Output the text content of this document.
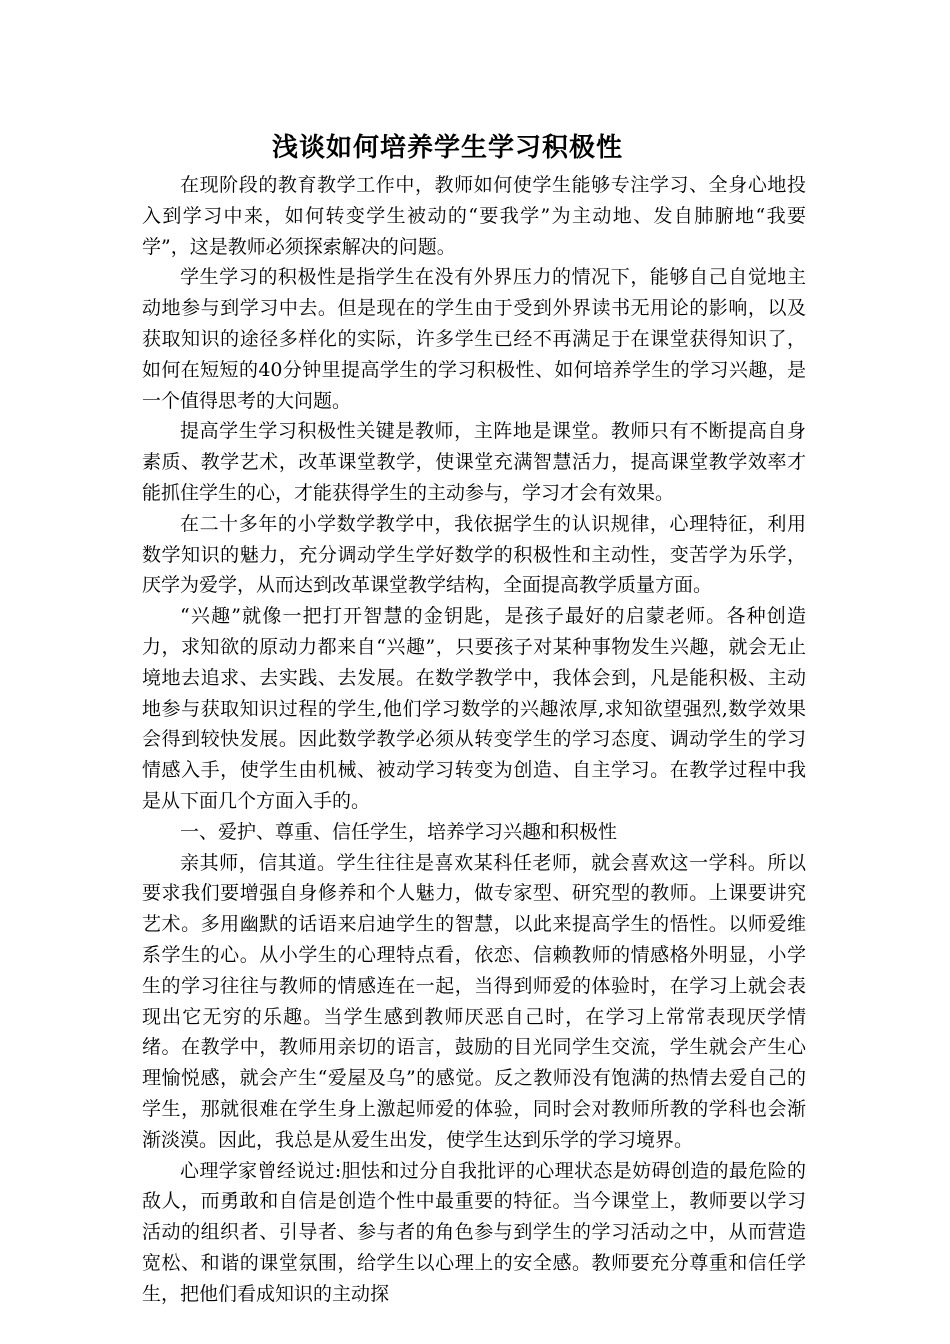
浅谈如何培养学生学习积极性

在现阶段的教育教学工作中，教师如何使学生能够专注学习、全身心地投入到学习中来，如何转变学生被动的“要我学”为主动地、发自肺腑地“我要学”，这是教师必须探索解决的问题。

学生学习的积极性是指学生在没有外界压力的情况下，能够自己自觉地主动地参与到学习中去。但是现在的学生由于受到外界读书无用论的影响，以及获取知识的途径多样化的实际，许多学生已经不再满足于在课堂获得知识了，如何在短短的40分钟里提高学生的学习积极性、如何培养学生的学习兴趣，是一个值得思考的大问题。

提高学生学习积极性关键是教师，主阵地是课堂。教师只有不断提高自身素质、教学艺术，改革课堂教学，使课堂充满智慧活力，提高课堂教学效率才能抓住学生的心，才能获得学生的主动参与，学习才会有效果。

在二十多年的小学数学教学中，我依据学生的认识规律，心理特征，利用数学知识的魅力，充分调动学生学好数学的积极性和主动性，变苦学为乐学，厌学为爱学，从而达到改革课堂教学结构，全面提高教学质量方面。

“兴趣”就像一把打开智慧的金钥匙，是孩子最好的启蒙老师。各种创造力，求知欲的原动力都来自“兴趣”，只要孩子对某种事物发生兴趣，就会无止境地去追求、去实践、去发展。在数学教学中，我体会到，凡是能积极、主动地参与获取知识过程的学生,他们学习数学的兴趣浓厚,求知欲望强烈,数学效果会得到较快发展。因此数学教学必须从转变学生的学习态度、调动学生的学习情感入手，使学生由机械、被动学习转变为创造、自主学习。在教学过程中我是从下面几个方面入手的。

一、爱护、尊重、信任学生，培养学习兴趣和积极性

亲其师，信其道。学生往往是喜欢某科任老师，就会喜欢这一学科。所以要求我们要增强自身修养和个人魅力，做专家型、研究型的教师。上课要讲究艺术。多用幽默的话语来启迪学生的智慧，以此来提高学生的悟性。以师爱维系学生的心。从小学生的心理特点看，依恋、信赖教师的情感格外明显，小学生的学习往往与教师的情感连在一起，当得到师爱的体验时，在学习上就会表现出它无穷的乐趣。当学生感到教师厌恶自己时，在学习上常常表现厌学情绪。在教学中，教师用亲切的语言，鼓励的目光同学生交流，学生就会产生心理愉悦感，就会产生“爱屋及乌”的感觉。反之教师没有饱满的热情去爱自己的学生，那就很难在学生身上激起师爱的体验，同时会对教师所教的学科也会渐渐淡漠。因此，我总是从爱生出发，使学生达到乐学的学习境界。

心理学家曾经说过:胆怯和过分自我批评的心理状态是妨碍创造的最危险的敌人，而勇敢和自信是创造个性中最重要的特征。当今课堂上，教师要以学习活动的组织者、引导者、参与者的角色参与到学生的学习活动之中，从而营造宽松、和谐的课堂氛围，给学生以心理上的安全感。教师要充分尊重和信任学生，把他们看成知识的主动探
